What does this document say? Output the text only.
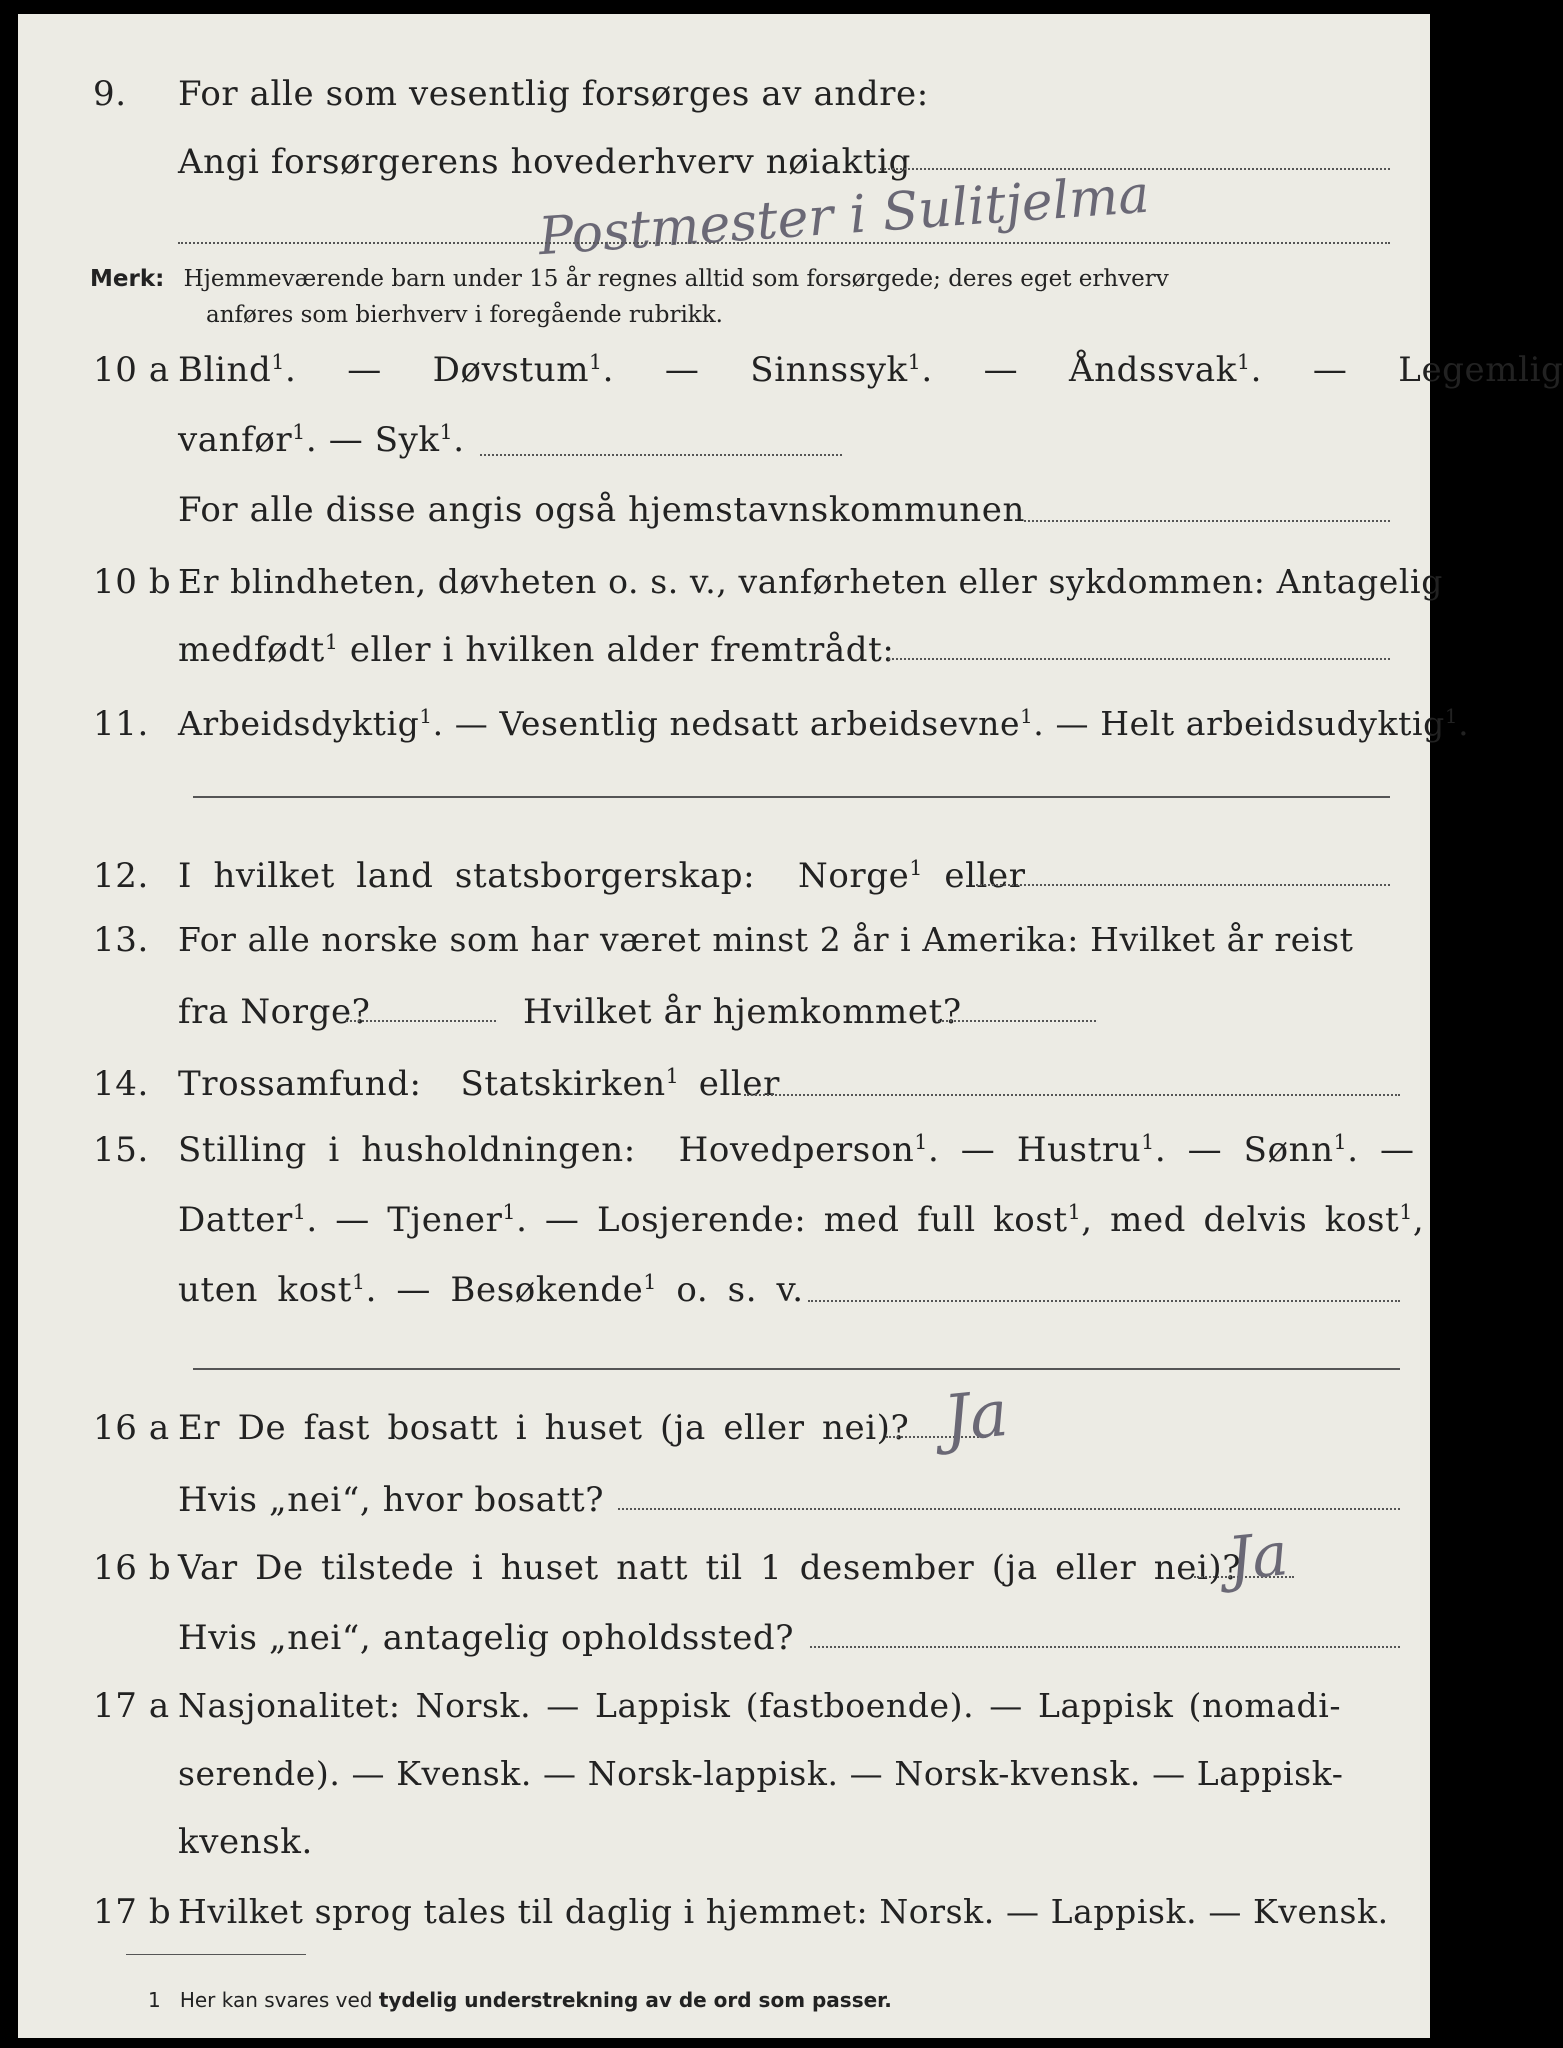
9. For alle som vesentlig forsørges av andre:
Angi forsørgerens hovederhverv nøiaktig
Postmester i Sulitjelma
Merk: Hjemmeværende barn under 15 år regnes alltid som forsørgede; deres eget erhverv
anføres som bierhverv i foregående rubrikk.
10 a Blind$^1$.  — Døvstum$^1$.  — Sinnssyk$^1$.  — Åndssvak$^1$.  — Legemlig
vanfør$^1$. — Syk$^1$.
For alle disse angis også hjemstavnskommunen
10 b Er blindheten, døvheten o. s. v., vanførheten eller sykdommen: Antagelig
medfødt$^1$ eller i hvilken alder fremtrådt:
11. Arbeidsdyktig$^1$. — Vesentlig nedsatt arbeidsevne$^1$. — Helt arbeidsudyktig$^1$.
12. I hvilket land statsborgerskap: Norge$^1$ eller
13. For alle norske som har været minst 2 år i Amerika: Hvilket år reist
fra Norge?	Hvilket år hjemkommet?
14. Trossamfund: Statskirken$^1$ eller
15. Stilling i husholdningen: Hovedperson$^1$. — Hustru$^1$. — Sønn$^1$. —
Datter$^1$. — Tjener$^1$. — Losjerende: med full kost$^1$, med delvis kost$^1$,
uten kost$^1$. — Besøkende$^1$ o. s. v.
16 a Er De fast bosatt i huset (ja eller nei)? Ja
Hvis „nei“, hvor bosatt?
16 b Var De tilstede i huset natt til 1 desember (ja eller nei)?
Ja
Hvis „nei“, antagelig opholdssted?
17 a Nasjonalitet: Norsk. — Lappisk (fastboende). — Lappisk (nomadi-
serende). — Kvensk. — Norsk-lappisk. — Norsk-kvensk. — Lappisk-
kvensk.
17 b Hvilket sprog tales til daglig i hjemmet: Norsk. — Lappisk. — Kvensk.
1 Her kan svares ved tydelig understrekning av de ord som passer.
